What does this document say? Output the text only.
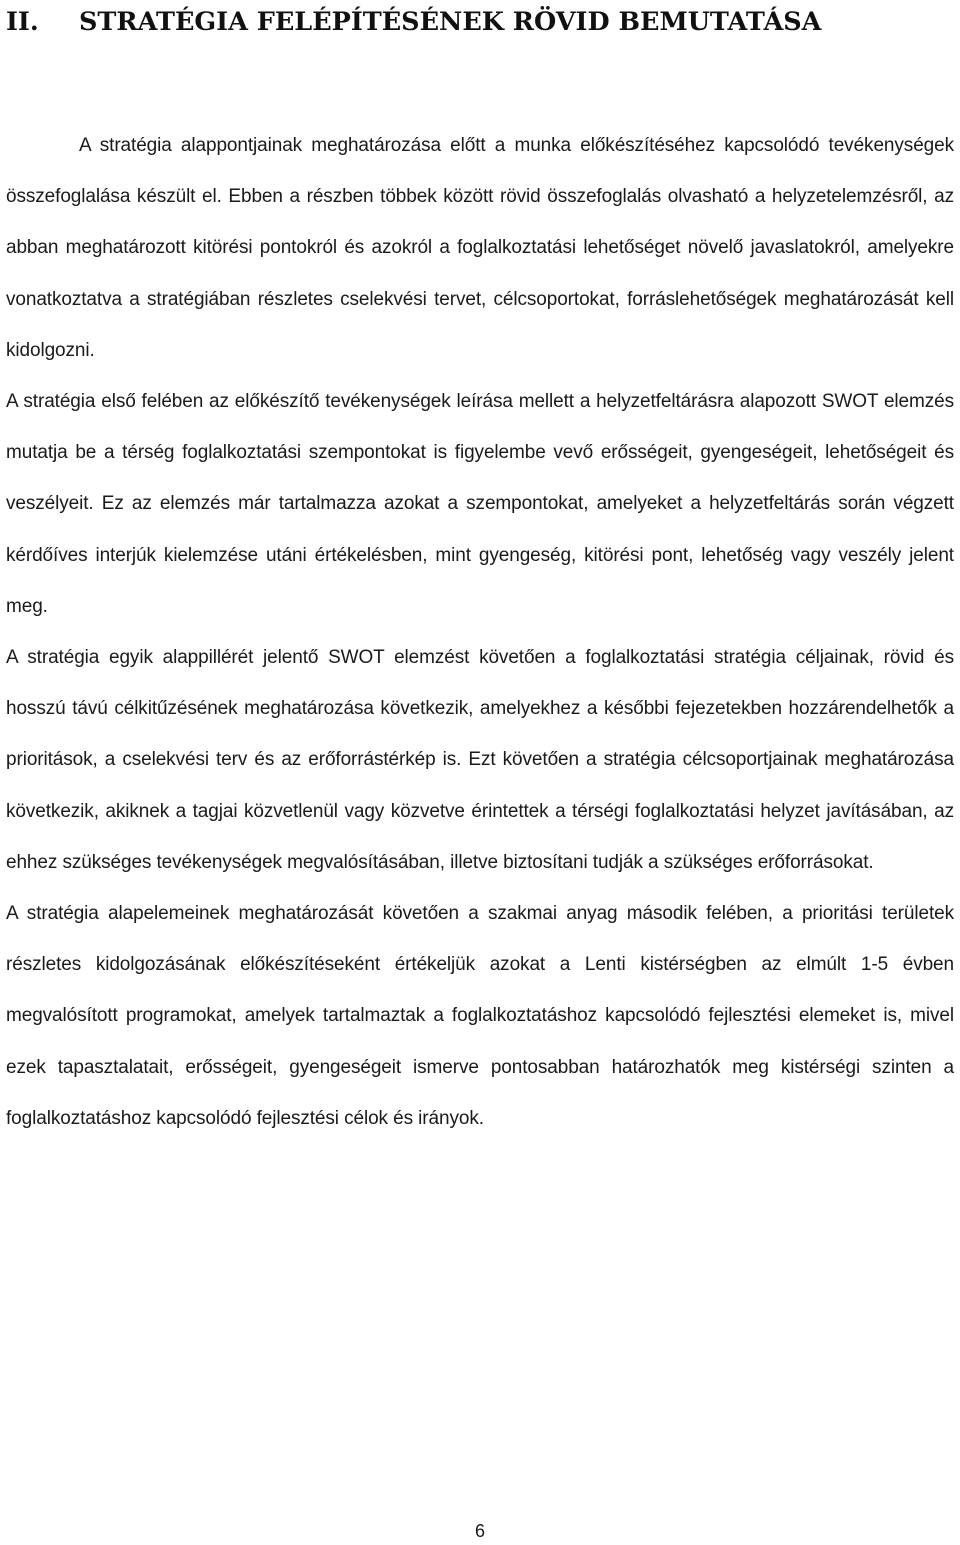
II. STRATÉGIA FELÉPÍTÉSÉNEK RÖVID BEMUTATÁSA

A stratégia alappontjainak meghatározása előtt a munka előkészítéséhez kapcsolódó tevékenységek összefoglalása készült el. Ebben a részben többek között rövid összefoglalás olvasható a helyzetelemzésről, az abban meghatározott kitörési pontokról és azokról a foglalkoztatási lehetőséget növelő javaslatokról, amelyekre vonatkoztatva a stratégiában részletes cselekvési tervet, célcsoportokat, forráslehetőségek meghatározását kell kidolgozni.

A stratégia első felében az előkészítő tevékenységek leírása mellett a helyzetfeltárásra alapozott SWOT elemzés mutatja be a térség foglalkoztatási szempontokat is figyelembe vevő erősségeit, gyengeségeit, lehetőségeit és veszélyeit. Ez az elemzés már tartalmazza azokat a szempontokat, amelyeket a helyzetfeltárás során végzett kérdőíves interjúk kielemzése utáni értékelésben, mint gyengeség, kitörési pont, lehetőség vagy veszély jelent meg.

A stratégia egyik alappillérét jelentő SWOT elemzést követően a foglalkoztatási stratégia céljainak, rövid és hosszú távú célkitűzésének meghatározása következik, amelyekhez a későbbi fejezetekben hozzárendelhetők a prioritások, a cselekvési terv és az erőforrástérkép is. Ezt követően a stratégia célcsoportjainak meghatározása következik, akiknek a tagjai közvetlenül vagy közvetve érintettek a térségi foglalkoztatási helyzet javításában, az ehhez szükséges tevékenységek megvalósításában, illetve biztosítani tudják a szükséges erőforrásokat.

A stratégia alapelemeinek meghatározását követően a szakmai anyag második felében, a prioritási területek részletes kidolgozásának előkészítéseként értékeljük azokat a Lenti kistérségben az elmúlt 1-5 évben megvalósított programokat, amelyek tartalmaztak a foglalkoztatáshoz kapcsolódó fejlesztési elemeket is, mivel ezek tapasztalatait, erősségeit, gyengeségeit ismerve pontosabban határozhatók meg kistérségi szinten a foglalkoztatáshoz kapcsolódó fejlesztési célok és irányok.

6
